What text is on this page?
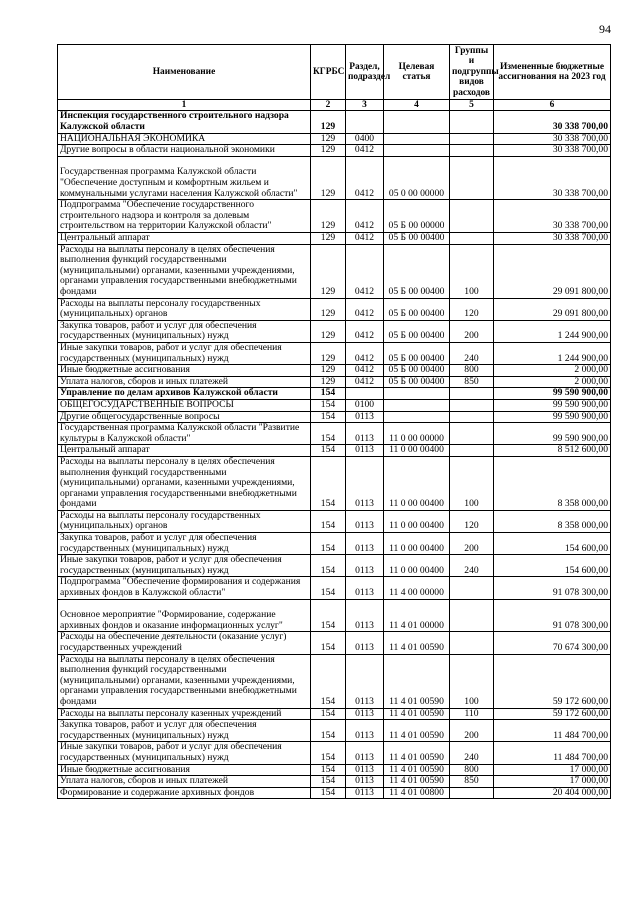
94
Наименование	КГРБС	Раздел, подраздел	Целевая статья	Группы и подгруппы видов расходов	Измененные бюджетные ассигнования на 2023 год
1	2	3	4	5	6
Инспекция государственного строительного надзора Калужской области	129				30 338 700,00
НАЦИОНАЛЬНАЯ ЭКОНОМИКА	129	0400			30 338 700,00
Другие вопросы в области национальной экономики	129	0412			30 338 700,00
Государственная программа Калужской области "Обеспечение доступным и комфортным жильем и коммунальными услугами населения Калужской области"	129	0412	05 0 00 00000		30 338 700,00
Подпрограмма "Обеспечение государственного строительного надзора и контроля за долевым строительством на территории Калужской области"	129	0412	05 Б 00 00000		30 338 700,00
Центральный аппарат	129	0412	05 Б 00 00400		30 338 700,00
Расходы на выплаты персоналу в целях обеспечения выполнения функций государственными (муниципальными) органами, казенными учреждениями, органами управления государственными внебюджетными фондами	129	0412	05 Б 00 00400	100	29 091 800,00
Расходы на выплаты персоналу государственных (муниципальных) органов	129	0412	05 Б 00 00400	120	29 091 800,00
Закупка товаров, работ и услуг для обеспечения государственных (муниципальных) нужд	129	0412	05 Б 00 00400	200	1 244 900,00
Иные закупки товаров, работ и услуг для обеспечения государственных (муниципальных) нужд	129	0412	05 Б 00 00400	240	1 244 900,00
Иные бюджетные ассигнования	129	0412	05 Б 00 00400	800	2 000,00
Уплата налогов, сборов и иных платежей	129	0412	05 Б 00 00400	850	2 000,00
Управление по делам архивов Калужской области	154				99 590 900,00
ОБЩЕГОСУДАРСТВЕННЫЕ ВОПРОСЫ	154	0100			99 590 900,00
Другие общегосударственные вопросы	154	0113			99 590 900,00
Государственная программа Калужской области "Развитие культуры в Калужской области"	154	0113	11 0 00 00000		99 590 900,00
Центральный аппарат	154	0113	11 0 00 00400		8 512 600,00
Расходы на выплаты персоналу в целях обеспечения выполнения функций государственными (муниципальными) органами, казенными учреждениями, органами управления государственными внебюджетными фондами	154	0113	11 0 00 00400	100	8 358 000,00
Расходы на выплаты персоналу государственных (муниципальных) органов	154	0113	11 0 00 00400	120	8 358 000,00
Закупка товаров, работ и услуг для обеспечения государственных (муниципальных) нужд	154	0113	11 0 00 00400	200	154 600,00
Иные закупки товаров, работ и услуг для обеспечения государственных (муниципальных) нужд	154	0113	11 0 00 00400	240	154 600,00
Подпрограмма "Обеспечение формирования и содержания архивных фондов в Калужской области"	154	0113	11 4 00 00000		91 078 300,00
Основное мероприятие "Формирование, содержание архивных фондов и оказание информационных услуг"	154	0113	11 4 01 00000		91 078 300,00
Расходы на обеспечение деятельности (оказание услуг) государственных учреждений	154	0113	11 4 01 00590		70 674 300,00
Расходы на выплаты персоналу в целях обеспечения выполнения функций государственными (муниципальными) органами, казенными учреждениями, органами управления государственными внебюджетными фондами	154	0113	11 4 01 00590	100	59 172 600,00
Расходы на выплаты персоналу казенных учреждений	154	0113	11 4 01 00590	110	59 172 600,00
Закупка товаров, работ и услуг для обеспечения государственных (муниципальных) нужд	154	0113	11 4 01 00590	200	11 484 700,00
Иные закупки товаров, работ и услуг для обеспечения государственных (муниципальных) нужд	154	0113	11 4 01 00590	240	11 484 700,00
Иные бюджетные ассигнования	154	0113	11 4 01 00590	800	17 000,00
Уплата налогов, сборов и иных платежей	154	0113	11 4 01 00590	850	17 000,00
Формирование и содержание архивных фондов	154	0113	11 4 01 00800		20 404 000,00
